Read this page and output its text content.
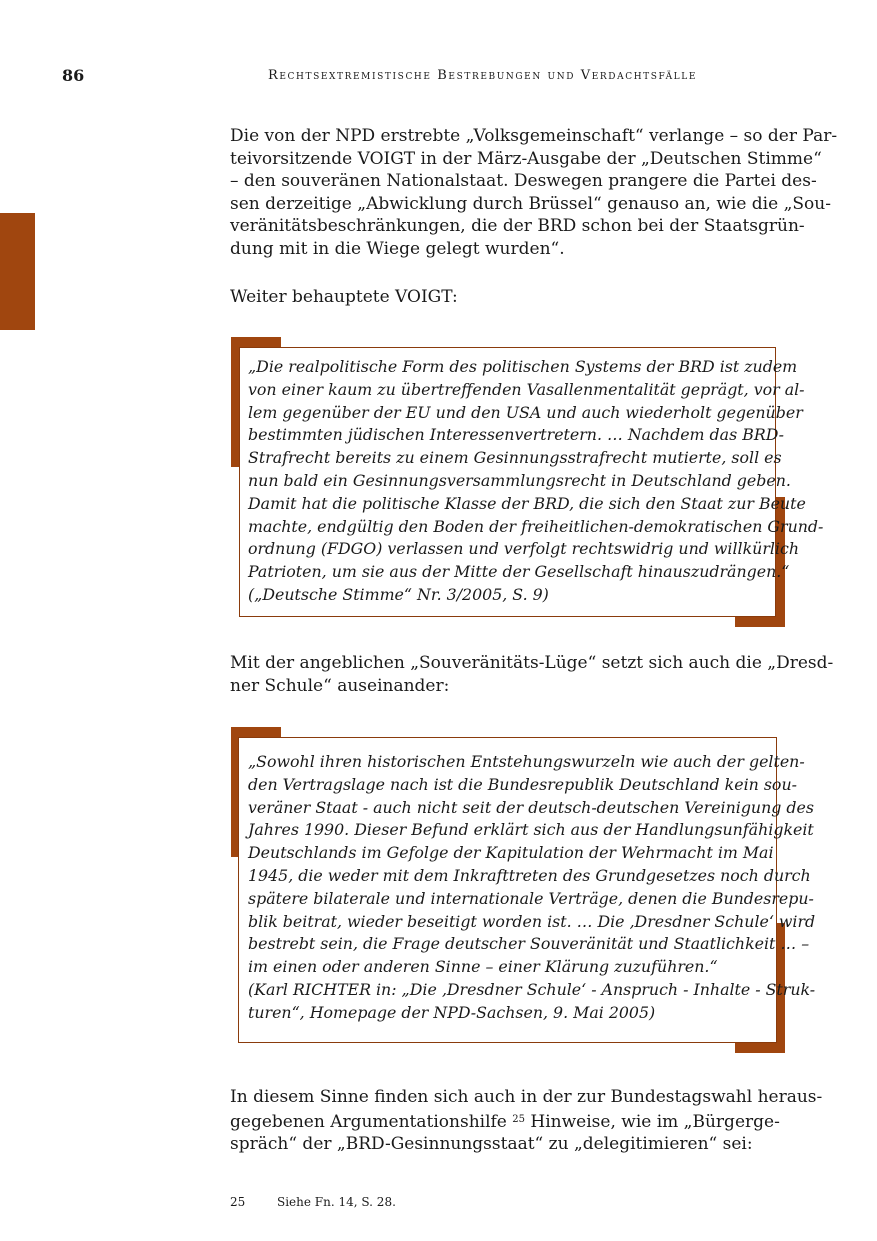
86	Rechtsextremistische Bestrebungen und Verdachtsfälle
Die von der NPD erstrebte „Volksgemeinschaft“ verlange – so der Par-
teivorsitzende VOIGT in der März-Ausgabe der „Deutschen Stimme“
– den souveränen Nationalstaat. Deswegen prangere die Partei des-
sen derzeitige „Abwicklung durch Brüssel“ genauso an, wie die „Sou-
veränitätsbeschränkungen, die der BRD schon bei der Staatsgrün-
dung mit in die Wiege gelegt wurden“.
Weiter behauptete VOIGT:
„Die realpolitische Form des politischen Systems der BRD ist zudem
von einer kaum zu übertreffenden Vasallenmentalität geprägt, vor al-
lem gegenüber der EU und den USA und auch wiederholt gegenüber
bestimmten jüdischen Interessenvertretern. … Nachdem das BRD-
Strafrecht bereits zu einem Gesinnungsstrafrecht mutierte, soll es
nun bald ein Gesinnungsversammlungsrecht in Deutschland geben.
Damit hat die politische Klasse der BRD, die sich den Staat zur Beute
machte, endgültig den Boden der freiheitlichen-demokratischen Grund-
ordnung (FDGO) verlassen und verfolgt rechtswidrig und willkürlich
Patrioten, um sie aus der Mitte der Gesellschaft hinauszudrängen.“
(„Deutsche Stimme“ Nr. 3/2005, S. 9)
Mit der angeblichen „Souveränitäts-Lüge“ setzt sich auch die „Dresd-
ner Schule“ auseinander:
„Sowohl ihren historischen Entstehungswurzeln wie auch der gelten-
den Vertragslage nach ist die Bundesrepublik Deutschland kein sou-
veräner Staat - auch nicht seit der deutsch-deutschen Vereinigung des
Jahres 1990. Dieser Befund erklärt sich aus der Handlungsunfähigkeit
Deutschlands im Gefolge der Kapitulation der Wehrmacht im Mai
1945, die weder mit dem Inkrafttreten des Grundgesetzes noch durch
spätere bilaterale und internationale Verträge, denen die Bundesrepu-
blik beitrat, wieder beseitigt worden ist. … Die ‚Dresdner Schule‘ wird
bestrebt sein, die Frage deutscher Souveränität und Staatlichkeit … –
im einen oder anderen Sinne – einer Klärung zuzuführen.“
(Karl RICHTER in: „Die ‚Dresdner Schule‘ - Anspruch - Inhalte - Struk-
turen“, Homepage der NPD-Sachsen, 9. Mai 2005)
In diesem Sinne finden sich auch in der zur Bundestagswahl heraus-
gegebenen Argumentationshilfe $^{25}$ Hinweise, wie im „Bürgerge-
spräch“ der „BRD-Gesinnungsstaat“ zu „delegitimieren“ sei:
25	Siehe Fn. 14, S. 28.
